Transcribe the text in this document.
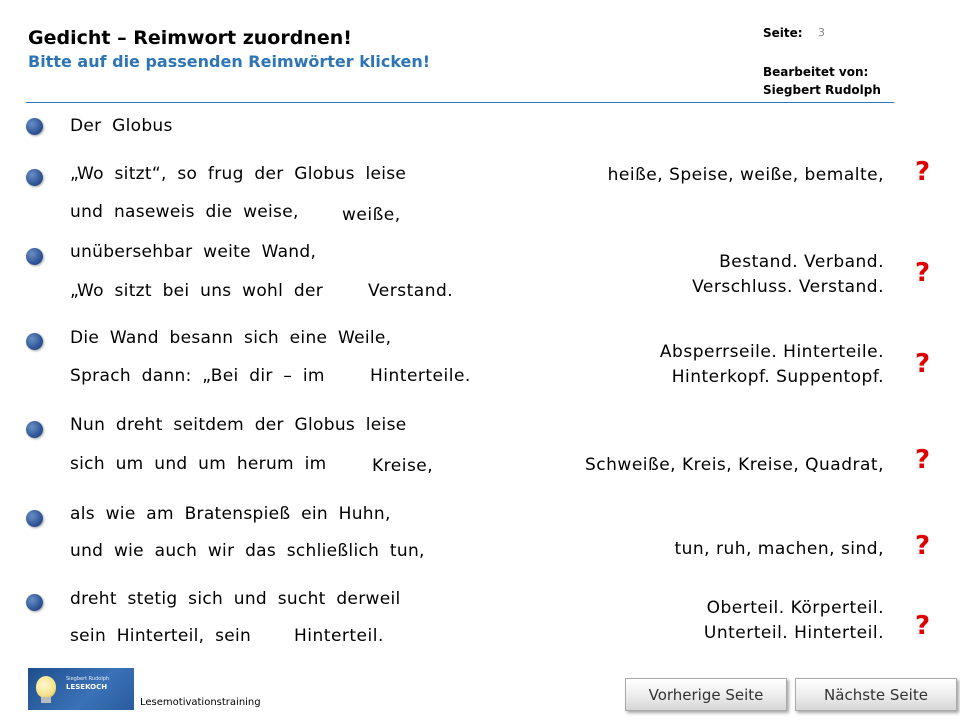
Gedicht – Reimwort zuordnen!
Bitte auf die passenden Reimwörter klicken!
Seite: 3
Bearbeitet von:
Siegbert Rudolph
Der Globus
„Wo sitzt“, so frug der Globus leise
und naseweis die weise,	weiße,
unübersehbar weite Wand,
„Wo sitzt bei uns wohl der	Verstand.
Die Wand besann sich eine Weile,
Sprach dann: „Bei dir – im	Hinterteile.
Nun dreht seitdem der Globus leise
sich um und um herum im	Kreise,
als wie am Bratenspieß ein Huhn,
und wie auch wir das schließlich tun,
dreht stetig sich und sucht derweil
sein Hinterteil, sein	Hinterteil.
heiße, Speise, weiße, bemalte,
Bestand. Verband.
Verschluss. Verstand.
Absperrseile. Hinterteile.
Hinterkopf. Suppentopf.
Schweiße, Kreis, Kreise, Quadrat,
tun, ruh, machen, sind,
Oberteil. Körperteil.
Unterteil. Hinterteil.
?
?
?
?
?
?
Siegbert Rudolph
LESEKOCH
Lesemotivationstraining	Vorherige Seite	Nächste Seite
